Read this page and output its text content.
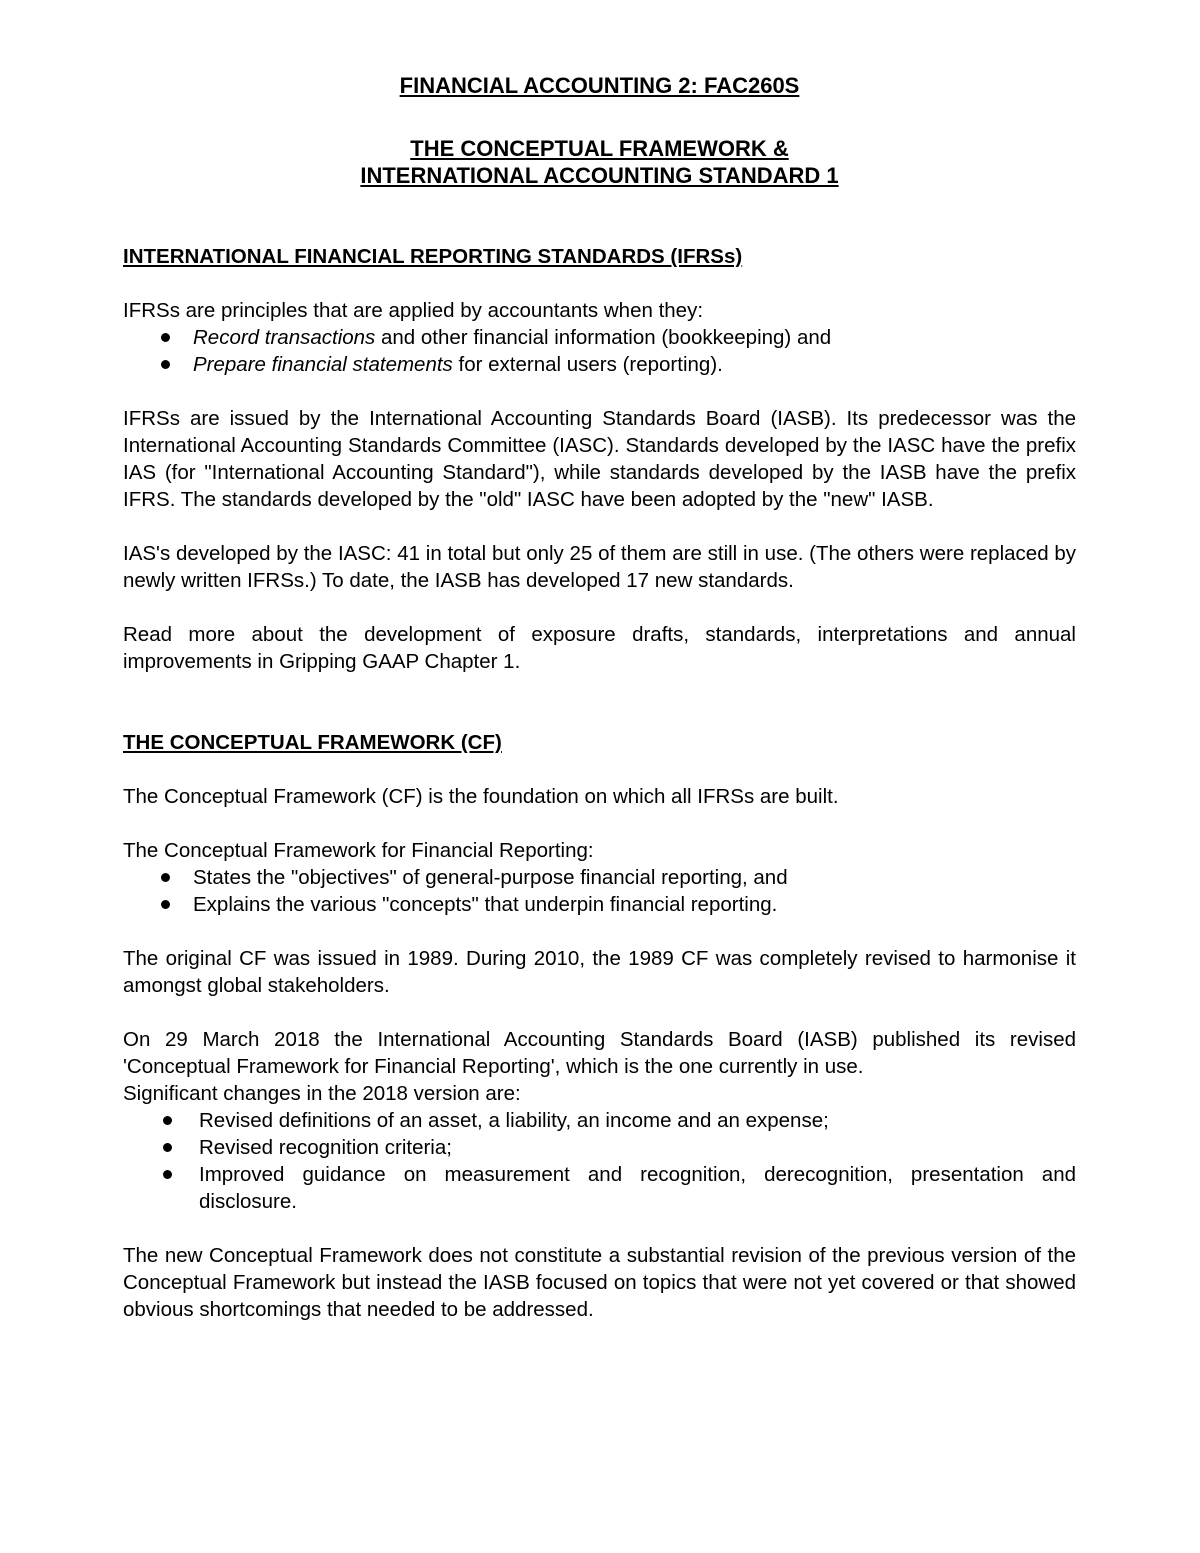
FINANCIAL ACCOUNTING 2: FAC260S
THE CONCEPTUAL FRAMEWORK &
INTERNATIONAL ACCOUNTING STANDARD 1
INTERNATIONAL FINANCIAL REPORTING STANDARDS (IFRSs)

IFRSs are principles that are applied by accountants when they:

Record transactions and other financial information (bookkeeping) and
Prepare financial statements for external users (reporting).

IFRSs are issued by the International Accounting Standards Board (IASB). Its predecessor was the International Accounting Standards Committee (IASC). Standards developed by the IASC have the prefix IAS (for "International Accounting Standard"), while standards developed by the IASB have the prefix IFRS. The standards developed by the "old" IASC have been adopted by the "new" IASB.

IAS's developed by the IASC: 41 in total but only 25 of them are still in use. (The others were replaced by newly written IFRSs.) To date, the IASB has developed 17 new standards.

Read more about the development of exposure drafts, standards, interpretations and annual improvements in Gripping GAAP Chapter 1.

THE CONCEPTUAL FRAMEWORK (CF)

The Conceptual Framework (CF) is the foundation on which all IFRSs are built.

The Conceptual Framework for Financial Reporting:

States the "objectives" of general-purpose financial reporting, and
Explains the various "concepts" that underpin financial reporting.

The original CF was issued in 1989. During 2010, the 1989 CF was completely revised to harmonise it amongst global stakeholders.

On 29 March 2018 the International Accounting Standards Board (IASB) published its revised 'Conceptual Framework for Financial Reporting', which is the one currently in use.

Significant changes in the 2018 version are:

Revised definitions of an asset, a liability, an income and an expense;
Revised recognition criteria;
Improved guidance on measurement and recognition, derecognition, presentation and disclosure.

The new Conceptual Framework does not constitute a substantial revision of the previous version of the Conceptual Framework but instead the IASB focused on topics that were not yet covered or that showed obvious shortcomings that needed to be addressed.
